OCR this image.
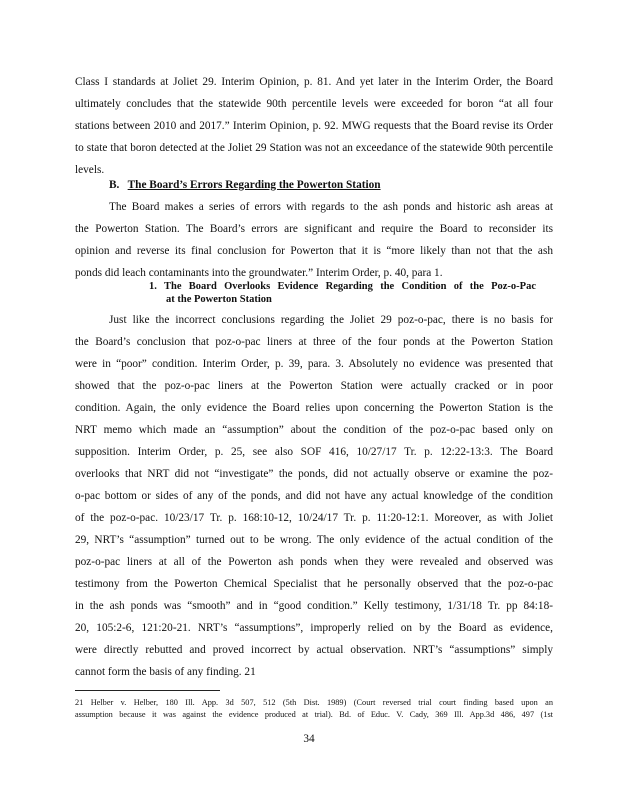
Class I standards at Joliet 29. Interim Opinion, p. 81. And yet later in the Interim Order, the Board
ultimately concludes that the statewide 90th percentile levels were exceeded for boron “at all four
stations between 2010 and 2017.” Interim Opinion, p. 92. MWG requests that the Board revise its Order
to state that boron detected at the Joliet 29 Station was not an exceedance of the statewide 90th percentile
levels.
B. The Board’s Errors Regarding the Powerton Station
The Board makes a series of errors with regards to the ash ponds and historic ash areas at
the Powerton Station. The Board’s errors are significant and require the Board to reconsider its
opinion and reverse its final conclusion for Powerton that it is “more likely than not that the ash
ponds did leach contaminants into the groundwater.” Interim Order, p. 40, para 1.
1. The Board Overlooks Evidence Regarding the Condition of the Poz-o-Pac
at the Powerton Station
Just like the incorrect conclusions regarding the Joliet 29 poz-o-pac, there is no basis for
the Board’s conclusion that poz-o-pac liners at three of the four ponds at the Powerton Station
were in “poor” condition. Interim Order, p. 39, para. 3. Absolutely no evidence was presented that
showed that the poz-o-pac liners at the Powerton Station were actually cracked or in poor
condition. Again, the only evidence the Board relies upon concerning the Powerton Station is the
NRT memo which made an “assumption” about the condition of the poz-o-pac based only on
supposition. Interim Order, p. 25, see also SOF 416, 10/27/17 Tr. p. 12:22-13:3. The Board
overlooks that NRT did not “investigate” the ponds, did not actually observe or examine the poz-
o-pac bottom or sides of any of the ponds, and did not have any actual knowledge of the condition
of the poz-o-pac. 10/23/17 Tr. p. 168:10-12, 10/24/17 Tr. p. 11:20-12:1. Moreover, as with Joliet
29, NRT’s “assumption” turned out to be wrong. The only evidence of the actual condition of the
poz-o-pac liners at all of the Powerton ash ponds when they were revealed and observed was
testimony from the Powerton Chemical Specialist that he personally observed that the poz-o-pac
in the ash ponds was “smooth” and in “good condition.” Kelly testimony, 1/31/18 Tr. pp 84:18-
20, 105:2-6, 121:20-21. NRT’s “assumptions”, improperly relied on by the Board as evidence,
were directly rebutted and proved incorrect by actual observation. NRT’s “assumptions” simply
cannot form the basis of any finding. 21
21 Helber v. Helber, 180 Ill. App. 3d 507, 512 (5th Dist. 1989) (Court reversed trial court finding based upon an
assumption because it was against the evidence produced at trial). Bd. of Educ. V. Cady, 369 Ill. App.3d 486, 497 (1st
34
